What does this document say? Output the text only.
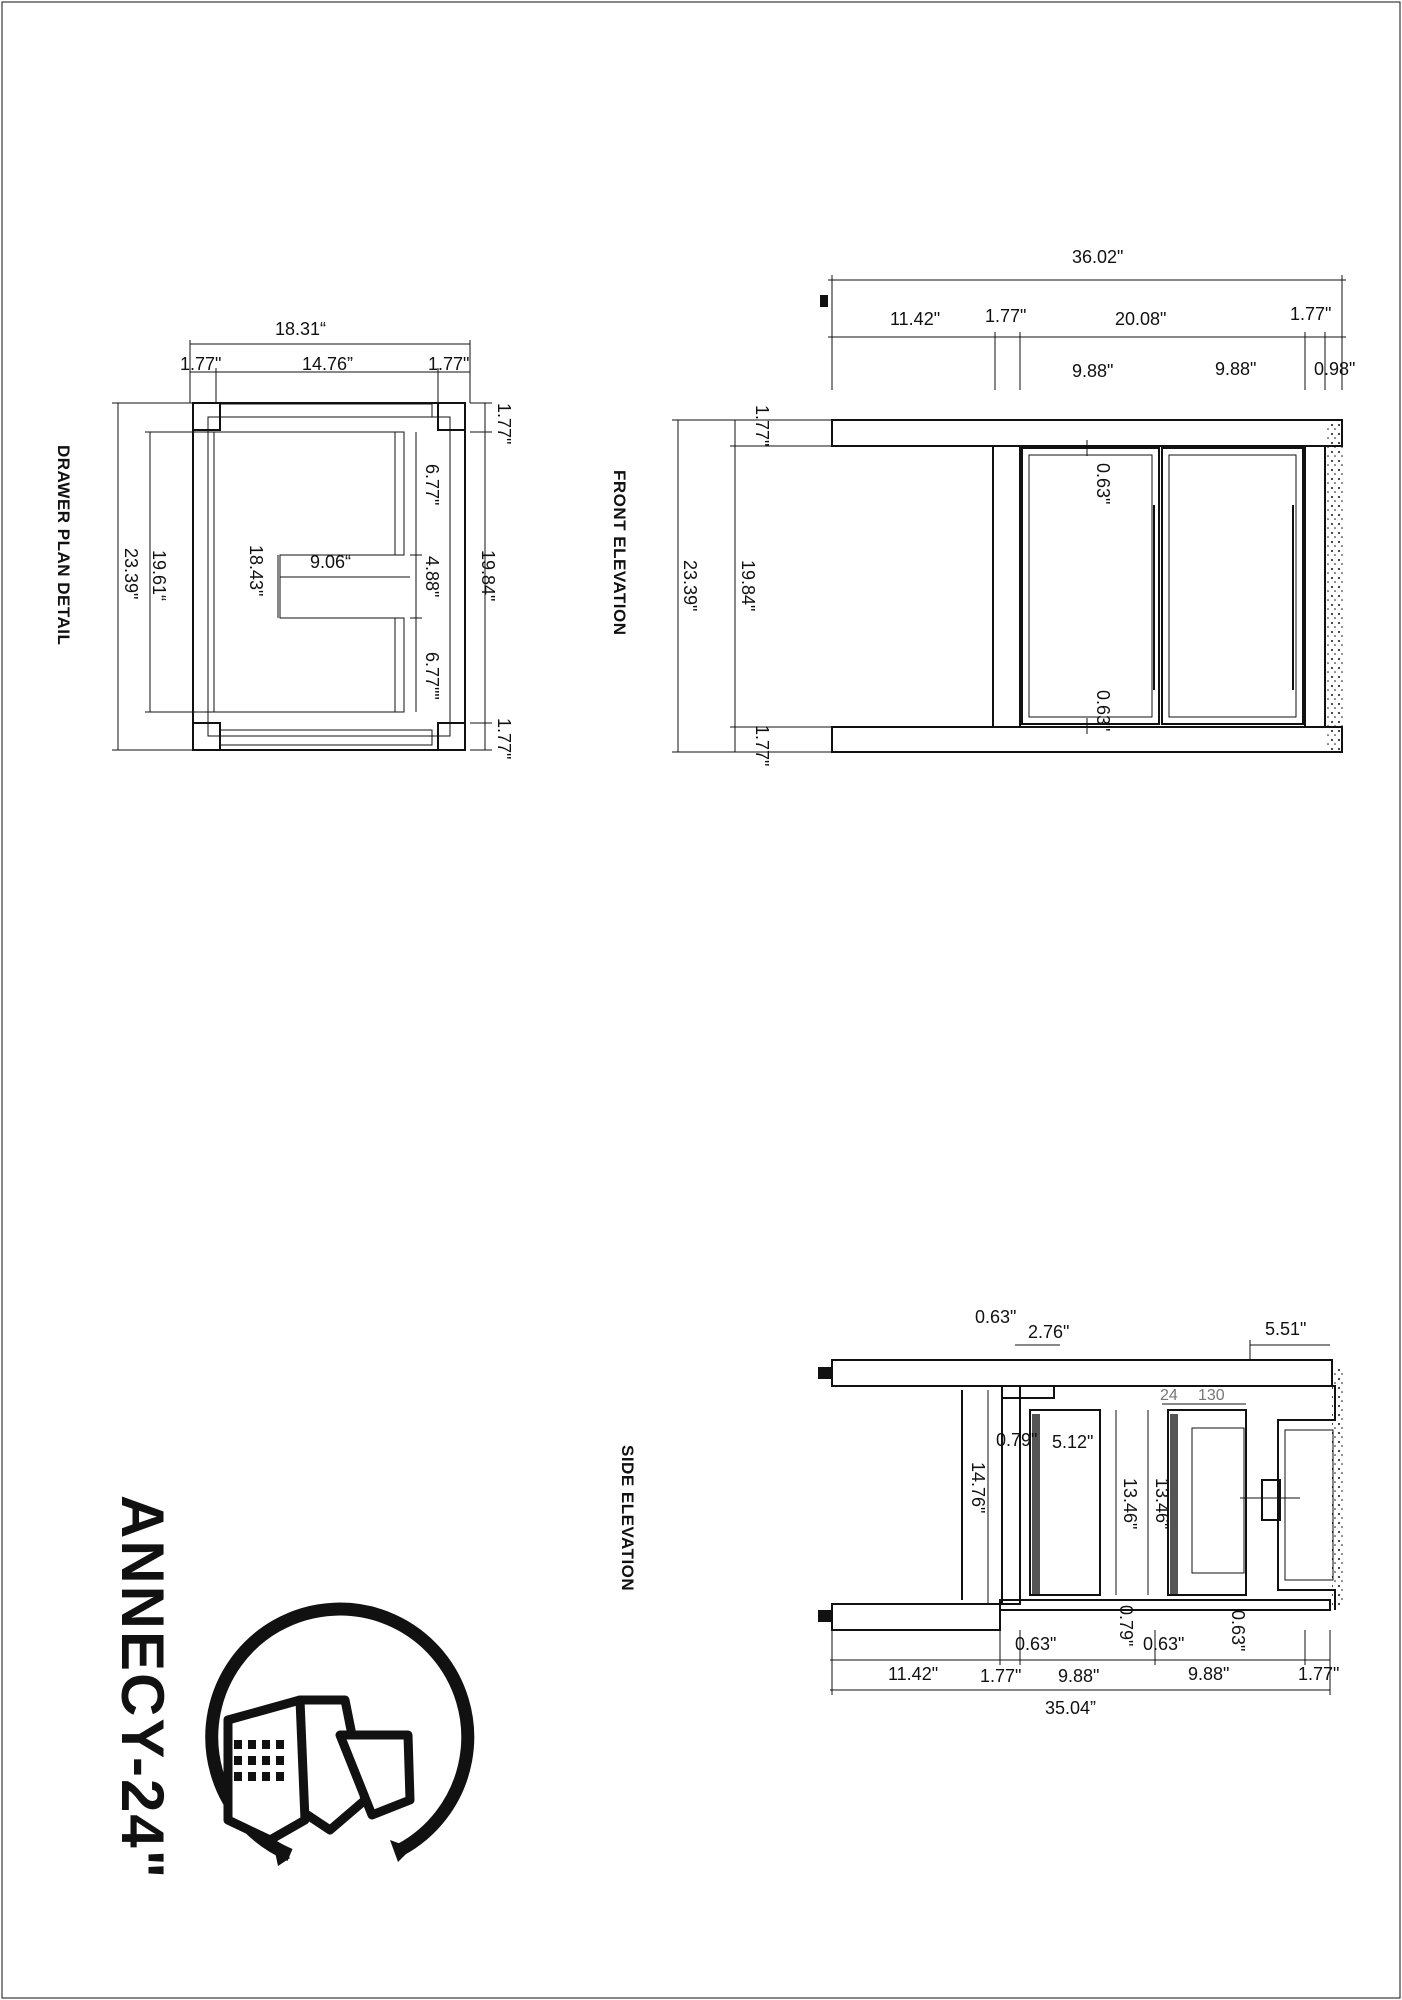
DRAWER PLAN DETAIL
18.31“
1.77"	14.76”	1.77"
23.39" 19.61“
1.77"
1.77"
19.84"
6.77"
4.88"
6.77""
9.06“
18.43"	FRONT ELEVATION
36.02"
11.42" 1.77"	20.08"	1.77"
9.88"	9.88"	0.98"
0.63"
0.63"
1.77"
23.39" 19.84"
1.77"
SIDE ELEVATION
0.63"
2.76"	5.51"
24 130
0.79" 5.12"
14.76"	13.46" 13.46"
0.63"	0.79" 0.63" 0.63"
11.42" 1.77" 9.88"	9.88"	1.77"
35.04”
ANNECY-24"
